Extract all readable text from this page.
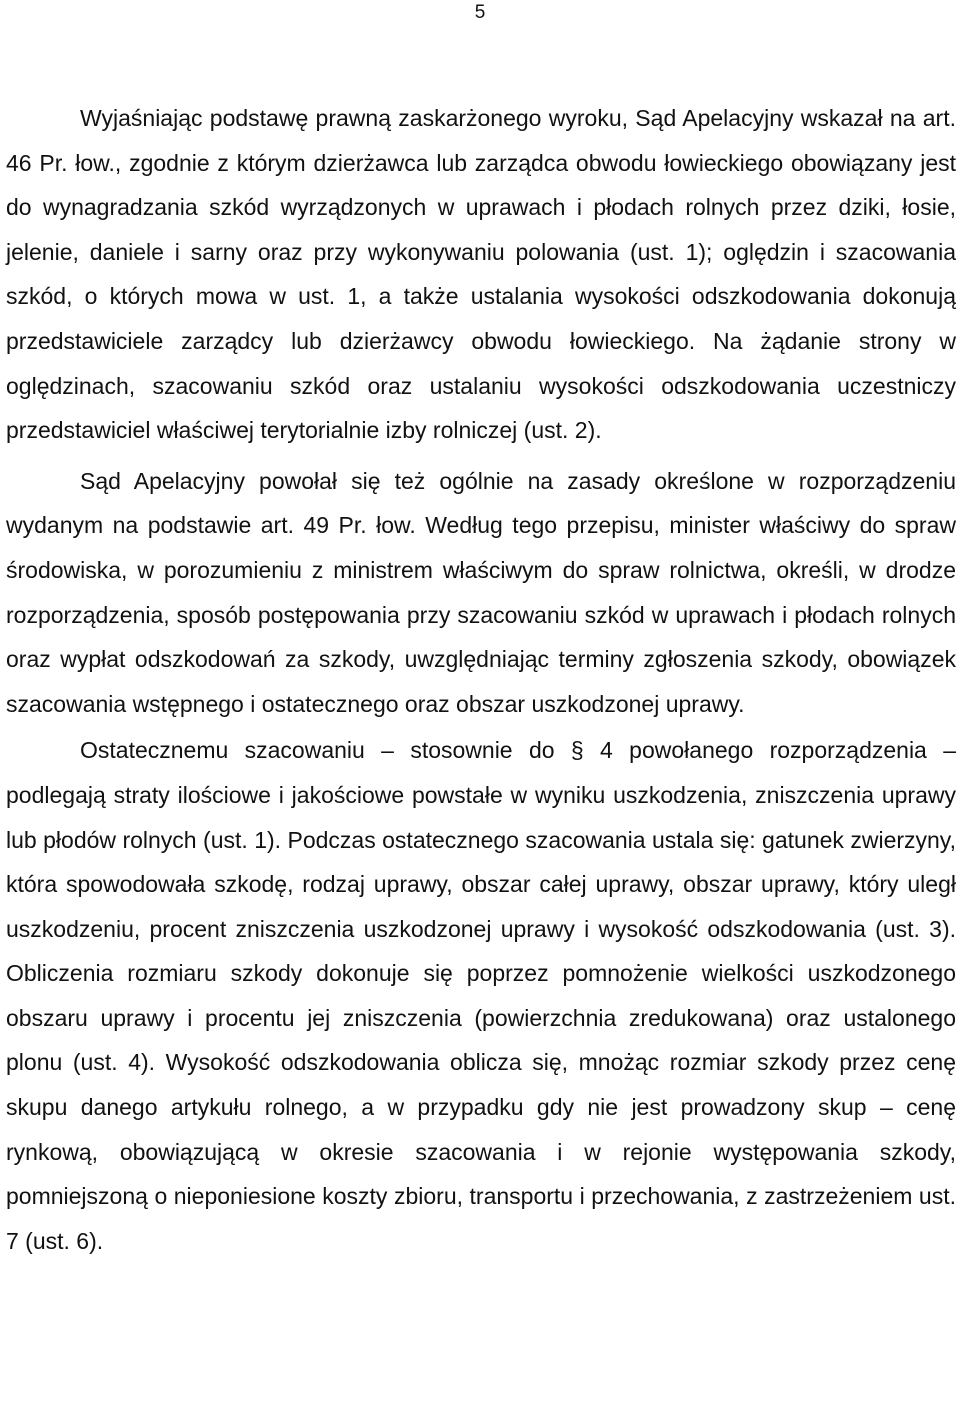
5

Wyjaśniając podstawę prawną zaskarżonego wyroku, Sąd Apelacyjny wskazał na art. 46 Pr. łow., zgodnie z którym dzierżawca lub zarządca obwodu łowieckiego obowiązany jest do wynagradzania szkód wyrządzonych w uprawach i płodach rolnych przez dziki, łosie, jelenie, daniele i sarny oraz przy wykonywaniu polowania (ust. 1); oględzin i szacowania szkód, o których mowa w ust. 1, a także ustalania wysokości odszkodowania dokonują przedstawiciele zarządcy lub dzierżawcy obwodu łowieckiego. Na żądanie strony w oględzinach, szacowaniu szkód oraz ustalaniu wysokości odszkodowania uczestniczy przedstawiciel właściwej terytorialnie izby rolniczej (ust. 2).

Sąd Apelacyjny powołał się też ogólnie na zasady określone w rozporządzeniu wydanym na podstawie art. 49 Pr. łow. Według tego przepisu, minister właściwy do spraw środowiska, w porozumieniu z ministrem właściwym do spraw rolnictwa, określi, w drodze rozporządzenia, sposób postępowania przy szacowaniu szkód w uprawach i płodach rolnych oraz wypłat odszkodowań za szkody, uwzględniając terminy zgłoszenia szkody, obowiązek szacowania wstępnego i ostatecznego oraz obszar uszkodzonej uprawy.

Ostatecznemu szacowaniu – stosownie do § 4 powołanego rozporządzenia – podlegają straty ilościowe i jakościowe powstałe w wyniku uszkodzenia, zniszczenia uprawy lub płodów rolnych (ust. 1). Podczas ostatecznego szacowania ustala się: gatunek zwierzyny, która spowodowała szkodę, rodzaj uprawy, obszar całej uprawy, obszar uprawy, który uległ uszkodzeniu, procent zniszczenia uszkodzonej uprawy i wysokość odszkodowania (ust. 3). Obliczenia rozmiaru szkody dokonuje się poprzez pomnożenie wielkości uszkodzonego obszaru uprawy i procentu jej zniszczenia (powierzchnia zredukowana) oraz ustalonego plonu (ust. 4). Wysokość odszkodowania oblicza się, mnożąc rozmiar szkody przez cenę skupu danego artykułu rolnego, a w przypadku gdy nie jest prowadzony skup – cenę rynkową, obowiązującą w okresie szacowania i w rejonie występowania szkody, pomniejszoną o nieponiesione koszty zbioru, transportu i przechowania, z zastrzeżeniem ust. 7 (ust. 6).
